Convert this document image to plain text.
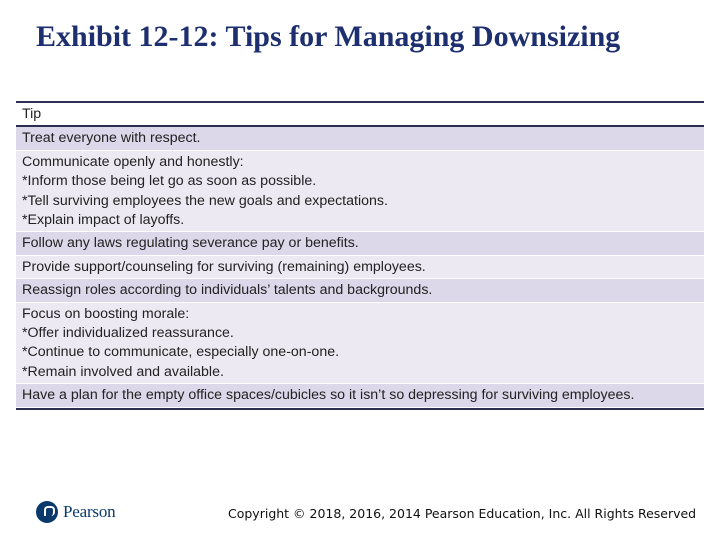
Exhibit 12-12: Tips for Managing Downsizing
Tip
Treat everyone with respect.
Communicate openly and honestly:
*Inform those being let go as soon as possible.
*Tell surviving employees the new goals and expectations.
*Explain impact of layoffs.
Follow any laws regulating severance pay or benefits.
Provide support/counseling for surviving (remaining) employees.
Reassign roles according to individuals’ talents and backgrounds.
Focus on boosting morale:
*Offer individualized reassurance.
*Continue to communicate, especially one-on-one.
*Remain involved and available.
Have a plan for the empty office spaces/cubicles so it isn’t so depressing for surviving employees.
Pearson	Copyright © 2018, 2016, 2014 Pearson Education, Inc. All Rights Reserved
